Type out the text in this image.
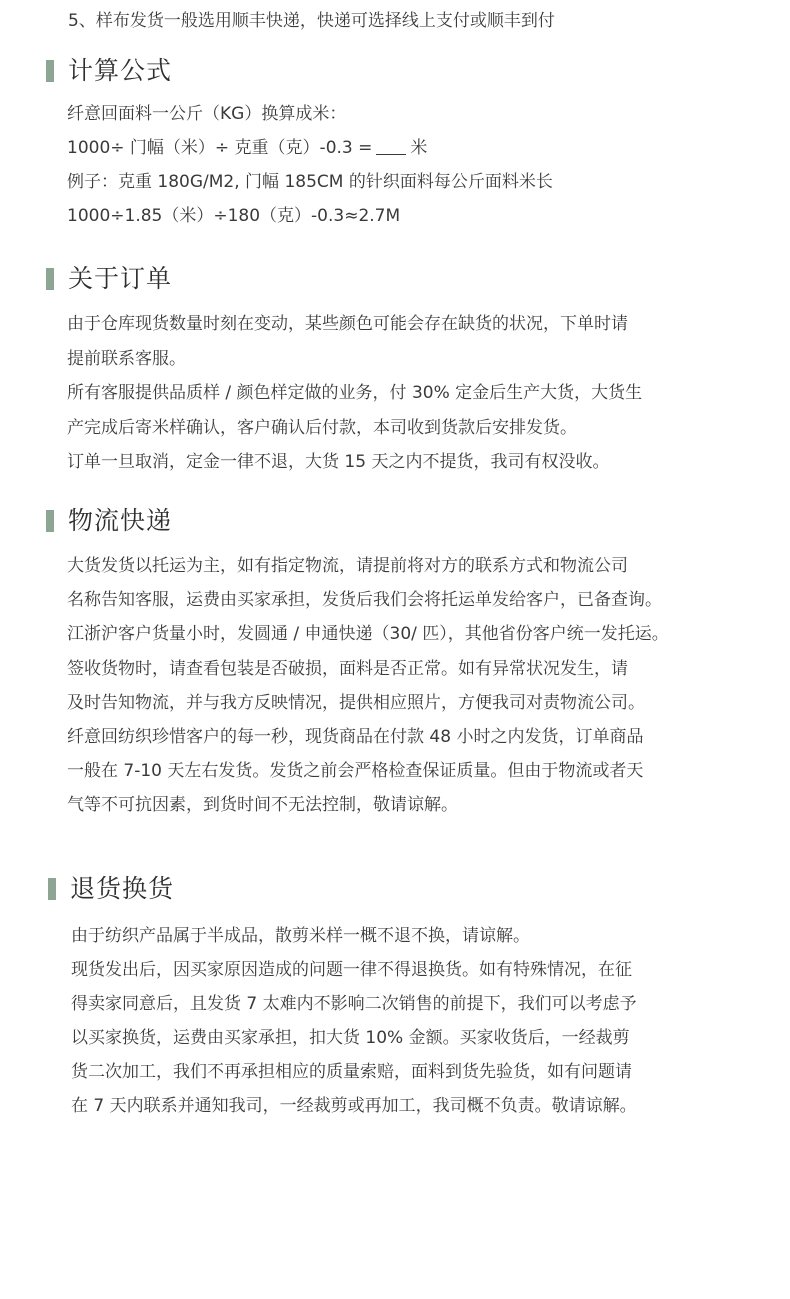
5、样布发货一般选用顺丰快递，快递可选择线上支付或顺丰到付
计算公式
纤意回面料一公斤（KG）换算成米：
1000÷ 门幅（米）÷ 克重（克）-0.3 = 米
例子：克重 180G/M2, 门幅 185CM 的针织面料每公斤面料米长
1000÷1.85（米）÷180（克）-0.3≈2.7M
关于订单
由于仓库现货数量时刻在变动，某些颜色可能会存在缺货的状况，下单时请
提前联系客服。
所有客服提供品质样 / 颜色样定做的业务，付 30% 定金后生产大货，大货生
产完成后寄米样确认，客户确认后付款，本司收到货款后安排发货。
订单一旦取消，定金一律不退，大货 15 天之内不提货，我司有权没收。
物流快递
大货发货以托运为主，如有指定物流，请提前将对方的联系方式和物流公司
名称告知客服，运费由买家承担，发货后我们会将托运单发给客户，已备查询。
江浙沪客户货量小时，发圆通 / 申通快递（30/ 匹），其他省份客户统一发托运。
签收货物时，请查看包装是否破损，面料是否正常。如有异常状况发生，请
及时告知物流，并与我方反映情况，提供相应照片，方便我司对责物流公司。
纤意回纺织珍惜客户的每一秒，现货商品在付款 48 小时之内发货，订单商品
一般在 7-10 天左右发货。发货之前会严格检查保证质量。但由于物流或者天
气等不可抗因素，到货时间不无法控制，敬请谅解。
退货换货
由于纺织产品属于半成品，散剪米样一概不退不换，请谅解。
现货发出后，因买家原因造成的问题一律不得退换货。如有特殊情况，在征
得卖家同意后，且发货 7 太难内不影响二次销售的前提下，我们可以考虑予
以买家换货，运费由买家承担，扣大货 10% 金额。买家收货后，一经裁剪
货二次加工，我们不再承担相应的质量索赔，面料到货先验货，如有问题请
在 7 天内联系并通知我司，一经裁剪或再加工，我司概不负责。敬请谅解。
